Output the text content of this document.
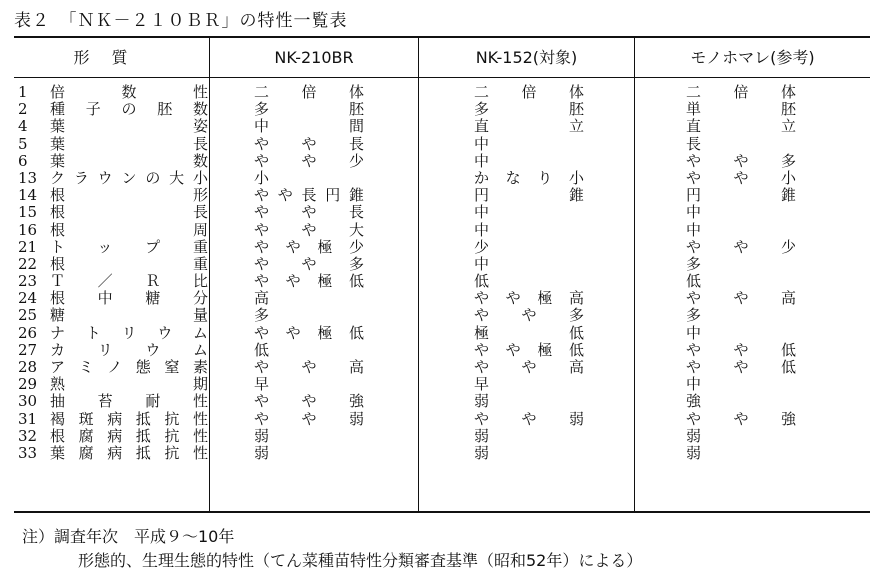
表２　「ＮＫ－２１０ＢＲ」の特性一覧表
形質	NK-210BR	NK-152(対象)	モノホマレ(参考)
1	倍数性	二倍体	二倍体	二倍体
2	種子の胚数	多胚	多胚	単胚
4	葉姿	中間	直立	直立
5	葉長	やや長	中	長
6	葉数	やや少	中	やや多
13 クラウンの大小	小	かなり小	やや小
14 根形	やや長円錐	円錐	円錐
15 根長	やや長	中	中
16 根周	やや大	中	中
21 トップ重	やや極少	少	やや少
22 根重	やや多	中	多
23 Ｔ／Ｒ比	やや極低	低	低
24 根中糖分	高	やや極高	やや高
25 糖量	多	やや多	多
26 ナトリウム	やや極低	極低	中
27 カリウム	低	やや極低	やや低
28 アミノ態窒素	やや高	やや高	やや低
29 熟期	早	早	中
30 抽苔耐性	やや強	弱	強
31 褐斑病抵抗性	やや弱	やや弱	やや強
32 根腐病抵抗性	弱	弱	弱
33 葉腐病抵抗性	弱	弱	弱
注）調査年次　平成９～10年
形態的、生理生態的特性（てん菜種苗特性分類審査基準（昭和52年）による）
